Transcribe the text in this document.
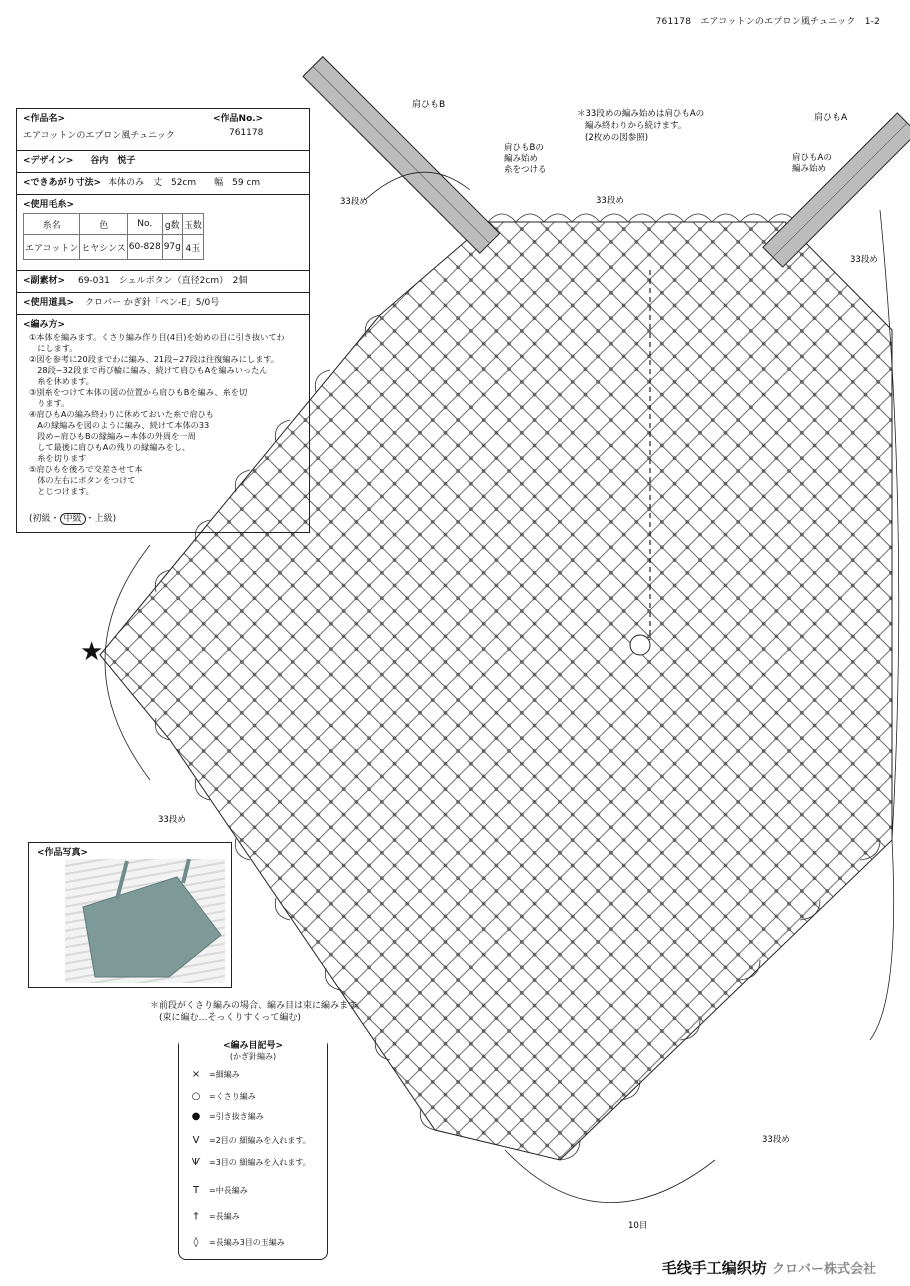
761178　エアコットンのエプロン風チュニック　1-2
★
肩ひもB
肩ひもA
肩ひもBの編み始め糸をつける
肩ひもAの編み始め
＊33段めの編み始めは肩ひもAの編み終わりから続けます。(2枚めの図参照)
33段め	33段め
33段め
33段め
33段め
10目
<作品名>	<作品No.>
エアコットンのエプロン風チュニック	761178
<デザイン> 谷内　悦子
<できあがり寸法> 本体のみ　丈　52cm　　幅　59 cm
<使用毛糸>
糸名	色	No.	g数	玉数
エアコットン	ヒヤシンス	60-828	97g	4玉
<副素材> 69-031　シェルボタン（直径2cm）　2個
<使用道具> クロバー かぎ針「ペン-E」5/0号
<編み方>
①本体を編みます。くさり編み作り目(4目)を始めの目に引き抜いてわ
　にします。
②図を参考に20段までわに編み、21段~27段は往復編みにします。
　28段~32段まで再び輪に編み、続けて肩ひもAを編みいったん
　糸を休めます。
③別糸をつけて本体の図の位置から肩ひもBを編み、糸を切
　ります。
④肩ひもAの編み終わりに休めておいた糸で肩ひも
　Aの縁編みを図のように編み、続けて本体の33
　段め~肩ひもBの縁編み~本体の外周を一周
　して最後に肩ひもAの残りの縁編みをし、
　糸を切ります
⑤肩ひもを後ろで交差させて本
　体の左右にボタンをつけて
　とじつけます。
(初級・ 中級 ・上級)
<作品写真>
＊前段がくさり編みの場合、編み目は束に編みます。
　(束に編む…そっくりすくって編む)
<編み目記号>
(かぎ針編み)
×	=細編み
○	=くさり編み
●	=引き抜き編み
Ⅴ	=2目の 細編みを入れます。
Ѱ	=3目の 細編みを入れます。
T	=中長編み
†	=長編み
◊	=長編み3目の玉編み
毛线手工编织坊 クロバー株式会社
